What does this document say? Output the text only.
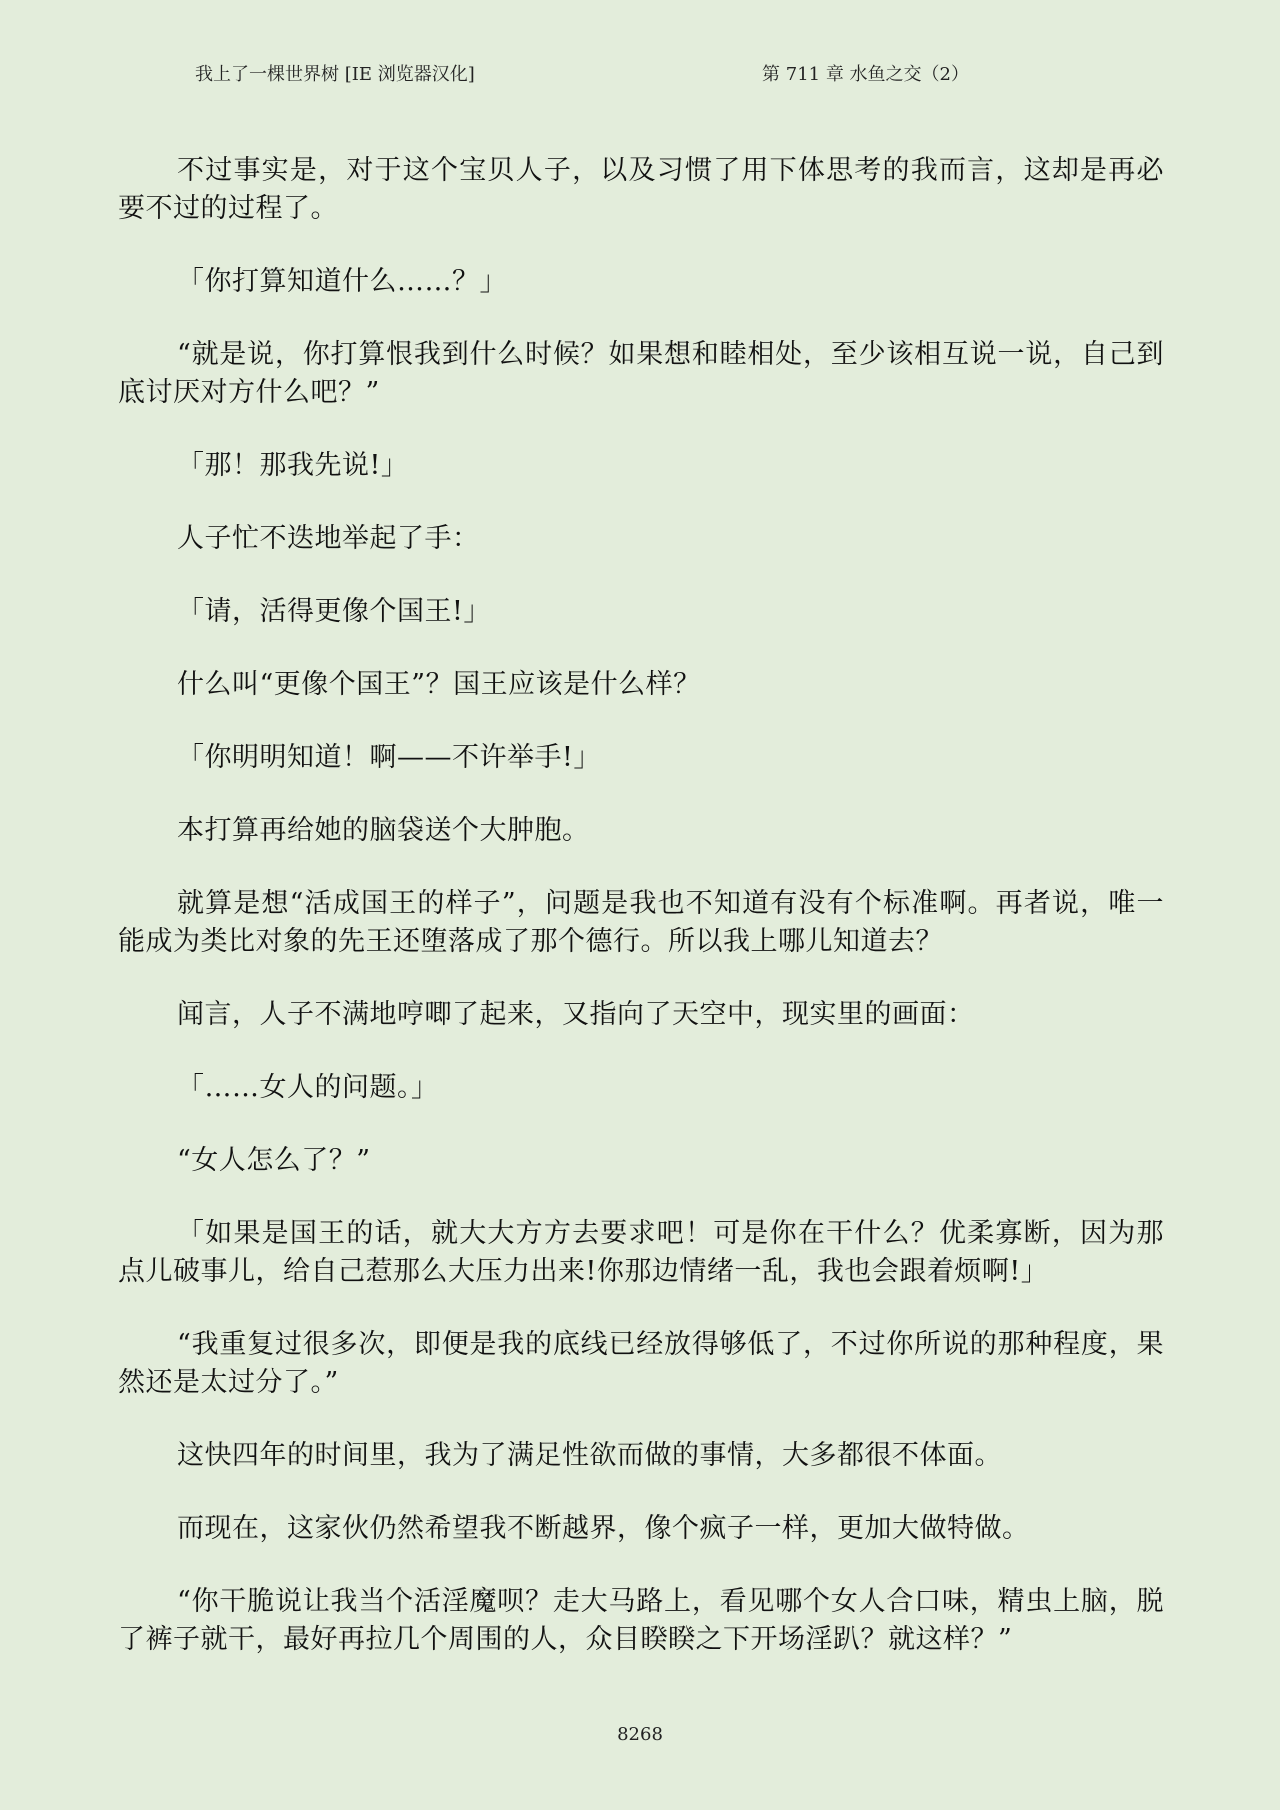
我上了一棵世界树 [IE 浏览器汉化]	第 711 章 水鱼之交（2）

不过事实是，对于这个宝贝人子，以及习惯了用下体思考的我而言，这却是再必要不过的过程了。

「你打算知道什么……？」

“就是说，你打算恨我到什么时候？如果想和睦相处，至少该相互说一说，自己到底讨厌对方什么吧？”

「那！那我先说!」

人子忙不迭地举起了手：

「请，活得更像个国王!」

什么叫“更像个国王”？国王应该是什么样？

「你明明知道！啊——不许举手!」

本打算再给她的脑袋送个大肿胞。

就算是想“活成国王的样子”，问题是我也不知道有没有个标准啊。再者说，唯一能成为类比对象的先王还堕落成了那个德行。所以我上哪儿知道去？

闻言，人子不满地哼唧了起来，又指向了天空中，现实里的画面：

「……女人的问题。」

“女人怎么了？”

「如果是国王的话，就大大方方去要求吧！可是你在干什么？优柔寡断，因为那点儿破事儿，给自己惹那么大压力出来!你那边情绪一乱，我也会跟着烦啊!」

“我重复过很多次，即便是我的底线已经放得够低了，不过你所说的那种程度，果然还是太过分了。”

这快四年的时间里，我为了满足性欲而做的事情，大多都很不体面。

而现在，这家伙仍然希望我不断越界，像个疯子一样，更加大做特做。

“你干脆说让我当个活淫魔呗？走大马路上，看见哪个女人合口味，精虫上脑，脱了裤子就干，最好再拉几个周围的人，众目睽睽之下开场淫趴？就这样？”

8268
